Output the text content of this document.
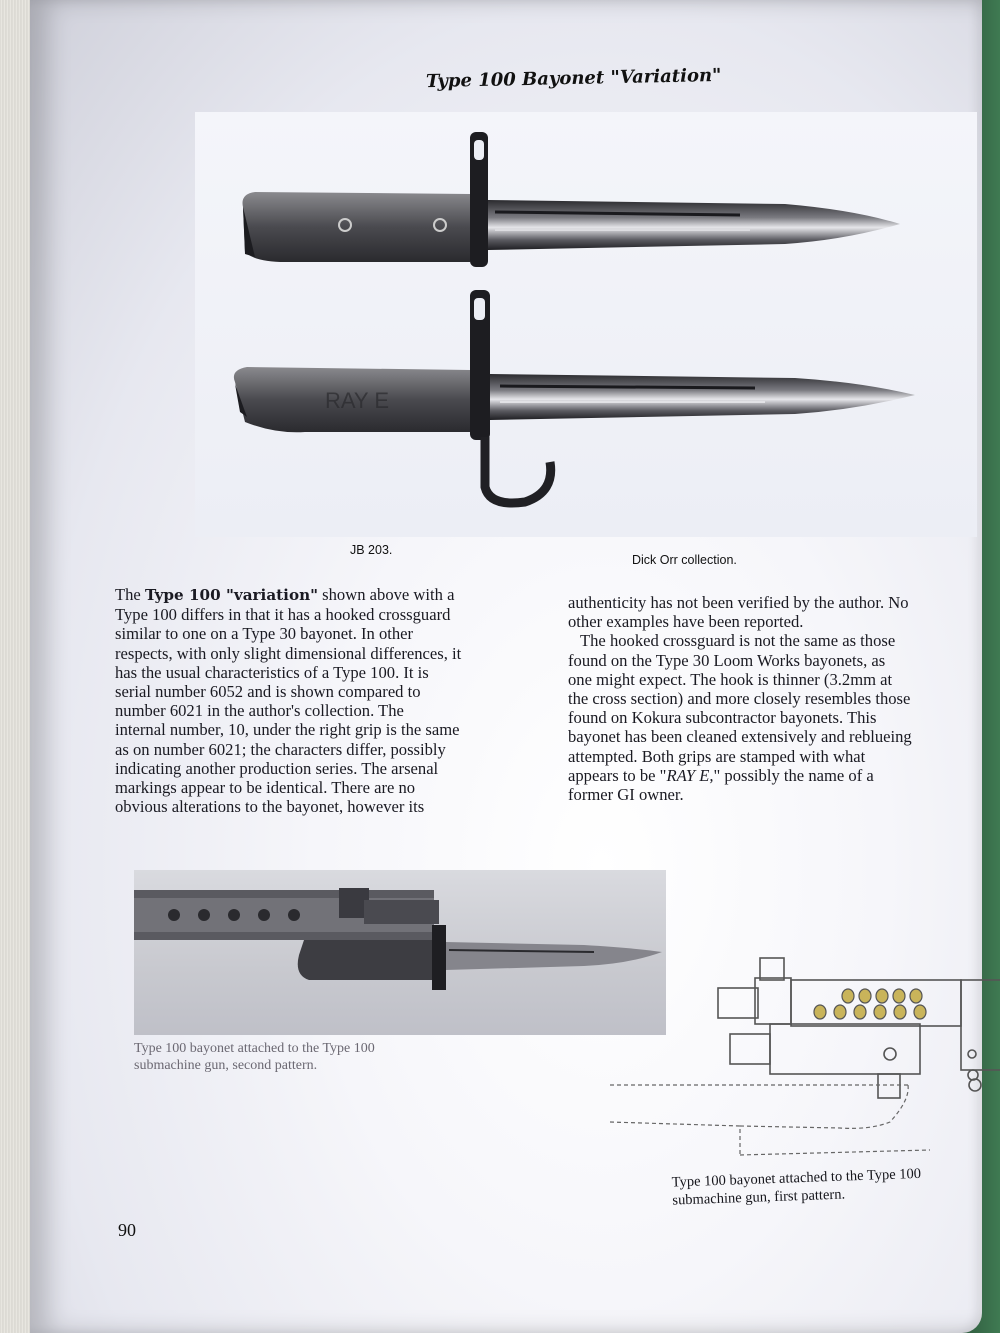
Type 100 Bayonet "Variation"
RAY E
JB 203.
Dick Orr collection.

The Type 100 "variation" shown above with a

Type 100 differs in that it has a hooked crossguard

similar to one on a Type 30 bayonet. In other

respects, with only slight dimensional differences, it

has the usual characteristics of a Type 100. It is

serial number 6052 and is shown compared to

number 6021 in the author's collection. The

internal number, 10, under the right grip is the same

as on number 6021; the characters differ, possibly

indicating another production series. The arsenal

markings appear to be identical. There are no

obvious alterations to the bayonet, however its

authenticity has not been verified by the author. No

other examples have been reported.

The hooked crossguard is not the same as those

found on the Type 30 Loom Works bayonets, as

one might expect. The hook is thinner (3.2mm at

the cross section) and more closely resembles those

found on Kokura subcontractor bayonets. This

bayonet has been cleaned extensively and reblueing

attempted. Both grips are stamped with what

appears to be "RAY E," possibly the name of a

former GI owner.

Type 100 bayonet attached to the Type 100
submachine gun, second pattern.
Type 100 bayonet attached to the Type 100
submachine gun, first pattern.
90
